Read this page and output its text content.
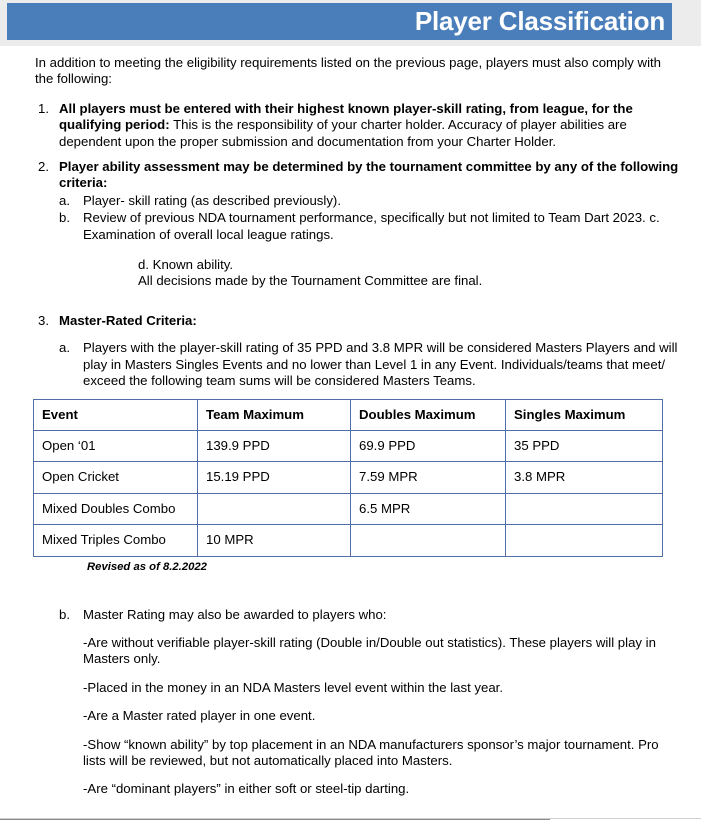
Player Classification

In addition to meeting the eligibility requirements listed on the previous page, players must also comply with the following:

1. All players must be entered with their highest known player-skill rating, from league, for the qualifying period: This is the responsibility of your charter holder. Accuracy of player abilities are dependent upon the proper submission and documentation from your Charter Holder.
2. Player ability assessment may be determined by the tournament committee by any of the following criteria:
a. Player- skill rating (as described previously).
b. Review of previous NDA tournament performance, specifically but not limited to Team Dart 2023. c. Examination of overall local league ratings.
d. Known ability.
All decisions made by the Tournament Committee are final.
3. Master-Rated Criteria:
a. Players with the player-skill rating of 35 PPD and 3.8 MPR will be considered Masters Players and will play in Masters Singles Events and no lower than Level 1 in any Event. Individuals/teams that meet/ exceed the following team sums will be considered Masters Teams.
Event	Team Maximum	Doubles Maximum	Singles Maximum
Open ‘01	139.9 PPD	69.9 PPD	35 PPD
Open Cricket	15.19 PPD	7.59 MPR	3.8 MPR
Mixed Doubles Combo		6.5 MPR	
Mixed Triples Combo	10 MPR		
Revised as of 8.2.2022
b. Master Rating may also be awarded to players who:
-Are without verifiable player-skill rating (Double in/Double out statistics). These players will play in Masters only.
-Placed in the money in an NDA Masters level event within the last year.
-Are a Master rated player in one event.
-Show “known ability” by top placement in an NDA manufacturers sponsor’s major tournament. Pro lists will be reviewed, but not automatically placed into Masters.
-Are “dominant players” in either soft or steel-tip darting.
